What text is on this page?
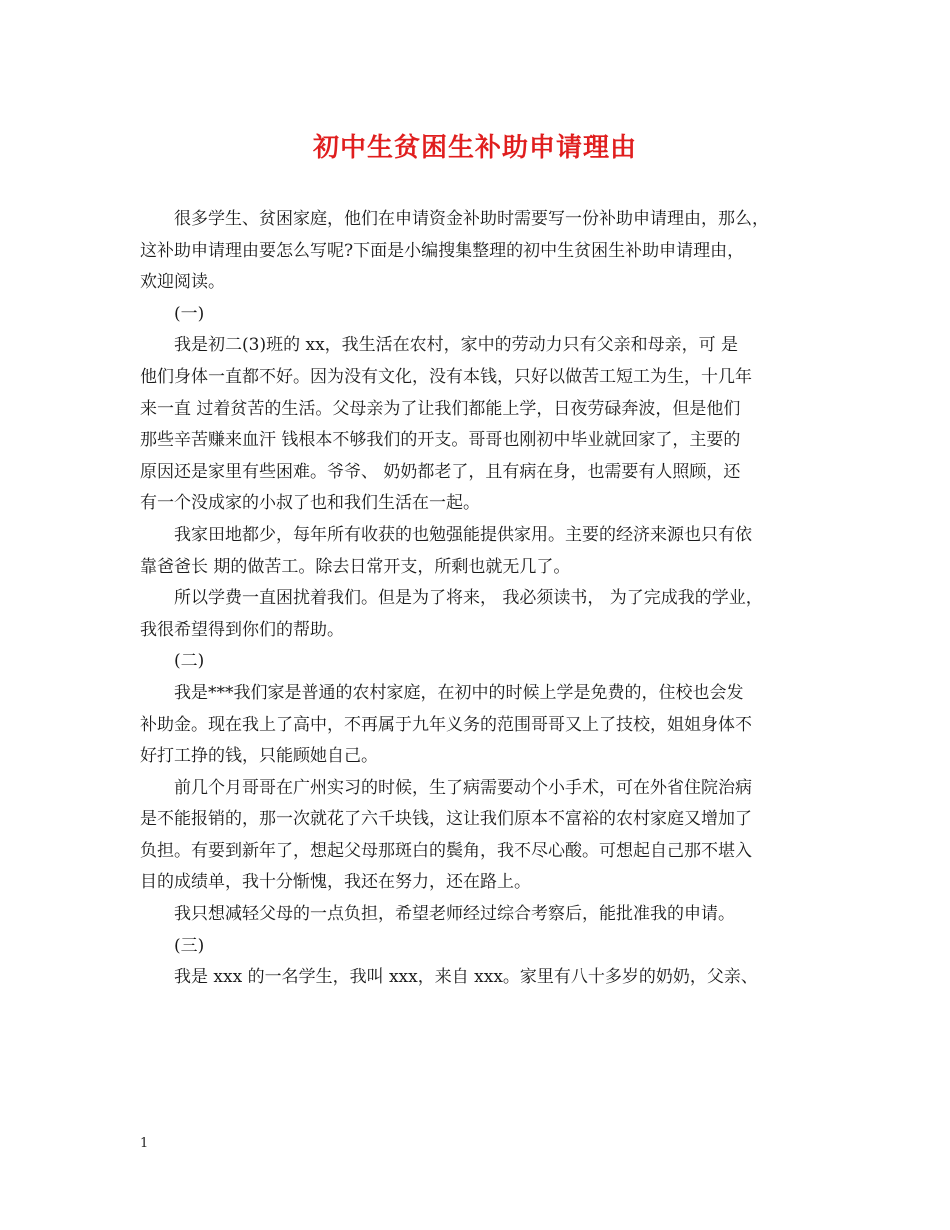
初中生贫困生补助申请理由

很多学生、贫困家庭，他们在申请资金补助时需要写一份补助申请理由，那么，
这补助申请理由要怎么写呢?下面是小编搜集整理的初中生贫困生补助申请理由，
欢迎阅读。

(一)

我是初二(3)班的 xx，我生活在农村，家中的劳动力只有父亲和母亲，可 是
他们身体一直都不好。因为没有文化，没有本钱，只好以做苦工短工为生，十几年
来一直 过着贫苦的生活。父母亲为了让我们都能上学，日夜劳碌奔波，但是他们
那些辛苦赚来血汗 钱根本不够我们的开支。哥哥也刚初中毕业就回家了，主要的
原因还是家里有些困难。爷爷、 奶奶都老了，且有病在身，也需要有人照顾，还
有一个没成家的小叔了也和我们生活在一起。

我家田地都少，每年所有收获的也勉强能提供家用。主要的经济来源也只有依
靠爸爸长 期的做苦工。除去日常开支，所剩也就无几了。

所以学费一直困扰着我们。但是为了将来， 我必须读书， 为了完成我的学业，
我很希望得到你们的帮助。

(二)

我是***我们家是普通的农村家庭，在初中的时候上学是免费的，住校也会发
补助金。现在我上了高中，不再属于九年义务的范围哥哥又上了技校，姐姐身体不
好打工挣的钱，只能顾她自己。

前几个月哥哥在广州实习的时候，生了病需要动个小手术，可在外省住院治病
是不能报销的，那一次就花了六千块钱，这让我们原本不富裕的农村家庭又增加了
负担。有要到新年了，想起父母那斑白的鬓角，我不尽心酸。可想起自己那不堪入
目的成绩单，我十分惭愧，我还在努力，还在路上。

我只想减轻父母的一点负担，希望老师经过综合考察后，能批准我的申请。

(三)

我是 xxx 的一名学生，我叫 xxx，来自 xxx。家里有八十多岁的奶奶，父亲、

1
